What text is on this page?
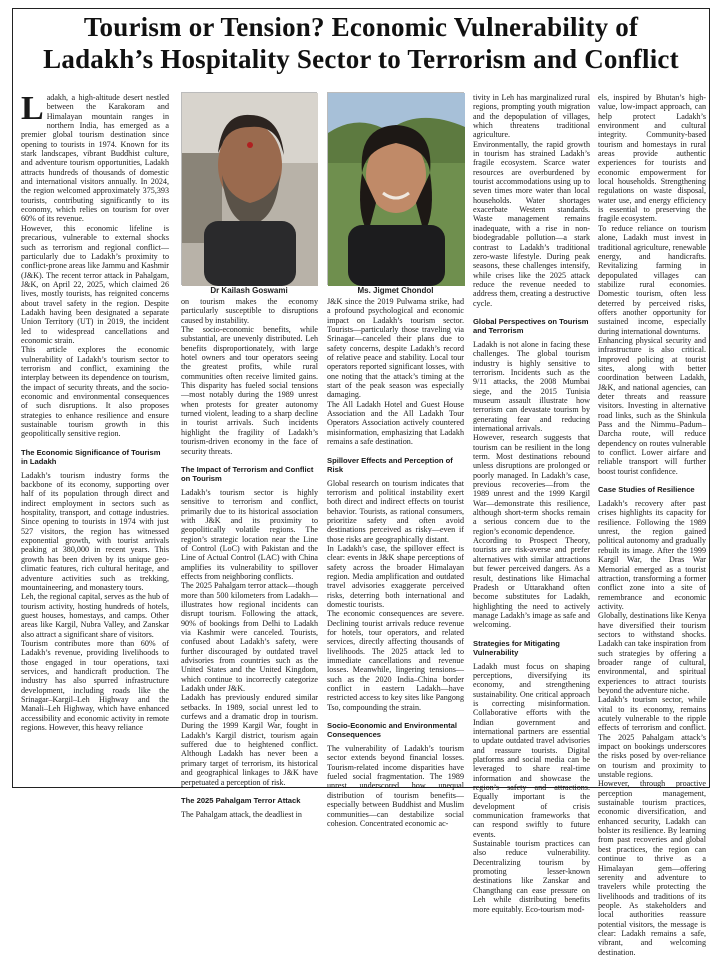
Tourism or Tension? Economic Vulnerability of
Ladakh’s Hospitality Sector to Terrorism and Conflict

Ladakh, a high-altitude desert nestled between the Karakoram and Himalayan mountain ranges in northern India, has emerged as a premier global tourism destination since opening to tourists in 1974. Known for its stark landscapes, vibrant Buddhist culture, and adventure tourism opportunities, Ladakh attracts hundreds of thousands of domestic and international visitors annually. In 2024, the region welcomed approximately 375,393 tourists, contributing significantly to its economy, which relies on tourism for over 60% of its revenue.

However, this economic lifeline is precarious, vulnerable to external shocks such as terrorism and regional conflict—particularly due to Ladakh’s proximity to conflict-prone areas like Jammu and Kashmir (J&K). The recent terror attack in Pahalgam, J&K, on April 22, 2025, which claimed 26 lives, mostly tourists, has reignited concerns about travel safety in the region. Despite Ladakh having been designated a separate Union Territory (UT) in 2019, the incident led to widespread cancellations and economic strain.

This article explores the economic vulnerability of Ladakh’s tourism sector to terrorism and conflict, examining the interplay between its dependence on tourism, the impact of security threats, and the socio-economic and environmental consequences of such disruptions. It also proposes strategies to enhance resilience and ensure sustainable tourism growth in this geopolitically sensitive region.

The Economic Significance of Tourism in Ladakh

Ladakh’s tourism industry forms the backbone of its economy, supporting over half of its population through direct and indirect employment in sectors such as hospitality, transport, and cottage industries. Since opening to tourists in 1974 with just 527 visitors, the region has witnessed exponential growth, with tourist arrivals peaking at 380,000 in recent years. This growth has been driven by its unique geo-climatic features, rich cultural heritage, and adventure activities such as trekking, mountaineering, and monastery tours.

Leh, the regional capital, serves as the hub of tourism activity, hosting hundreds of hotels, guest houses, homestays, and camps. Other areas like Kargil, Nubra Valley, and Zanskar also attract a significant share of visitors.

Tourism contributes more than 60% of Ladakh’s revenue, providing livelihoods to those engaged in tour operations, taxi services, and handicraft production. The industry has also spurred infrastructure development, including roads like the Srinagar–Kargil–Leh Highway and the Manali–Leh Highway, which have enhanced accessibility and economic activity in remote regions. However, this heavy reliance

Dr Kailash Goswami	Ms. Jigmet Chondol

on tourism makes the economy particularly susceptible to disruptions caused by instability.

The socio-economic benefits, while substantial, are unevenly distributed. Leh benefits disproportionately, with large hotel owners and tour operators seeing the greatest profits, while rural communities often receive limited gains. This disparity has fueled social tensions—most notably during the 1989 unrest when protests for greater autonomy turned violent, leading to a sharp decline in tourist arrivals. Such incidents highlight the fragility of Ladakh’s tourism-driven economy in the face of security threats.

The Impact of Terrorism and Conflict on Tourism

Ladakh’s tourism sector is highly sensitive to terrorism and conflict, primarily due to its historical association with J&K and its proximity to geopolitically volatile regions. The region’s strategic location near the Line of Control (LoC) with Pakistan and the Line of Actual Control (LAC) with China amplifies its vulnerability to spillover effects from neighboring conflicts.

The 2025 Pahalgam terror attack—though more than 500 kilometers from Ladakh—illustrates how regional incidents can disrupt tourism. Following the attack, 90% of bookings from Delhi to Ladakh via Kashmir were canceled. Tourists, confused about Ladakh’s safety, were further discouraged by outdated travel advisories from countries such as the United States and the United Kingdom, which continue to incorrectly categorize Ladakh under J&K.

Ladakh has previously endured similar setbacks. In 1989, social unrest led to curfews and a dramatic drop in tourism. During the 1999 Kargil War, fought in Ladakh’s Kargil district, tourism again suffered due to heightened conflict. Although Ladakh has never been a primary target of terrorism, its historical and geographical linkages to J&K have perpetuated a perception of risk.

The 2025 Pahalgam Terror Attack

The Pahalgam attack, the deadliest in

J&K since the 2019 Pulwama strike, had a profound psychological and economic impact on Ladakh’s tourism sector. Tourists—particularly those traveling via Srinagar—canceled their plans due to safety concerns, despite Ladakh’s record of relative peace and stability. Local tour operators reported significant losses, with one noting that the attack’s timing at the start of the peak season was especially damaging.

The All Ladakh Hotel and Guest House Association and the All Ladakh Tour Operators Association actively countered misinformation, emphasizing that Ladakh remains a safe destination.

Spillover Effects and Perception of Risk

Global research on tourism indicates that terrorism and political instability exert both direct and indirect effects on tourist behavior. Tourists, as rational consumers, prioritize safety and often avoid destinations perceived as risky—even if those risks are geographically distant.

In Ladakh’s case, the spillover effect is clear: events in J&K shape perceptions of safety across the broader Himalayan region. Media amplification and outdated travel advisories exaggerate perceived risks, deterring both international and domestic tourists.

The economic consequences are severe. Declining tourist arrivals reduce revenue for hotels, tour operators, and related services, directly affecting thousands of livelihoods. The 2025 attack led to immediate cancellations and revenue losses. Meanwhile, lingering tensions—such as the 2020 India–China border conflict in eastern Ladakh—have restricted access to key sites like Pangong Tso, compounding the strain.

Socio-Economic and Environmental Consequences

The vulnerability of Ladakh’s tourism sector extends beyond financial losses. Tourism-related income disparities have fueled social fragmentation. The 1989 unrest underscored how unequal distribution of tourism benefits—especially between Buddhist and Muslim communities—can destabilize social cohesion. Concentrated economic ac-

tivity in Leh has marginalized rural regions, prompting youth migration and the depopulation of villages, which threatens traditional agriculture.

Environmentally, the rapid growth in tourism has strained Ladakh’s fragile ecosystem. Scarce water resources are overburdened by tourist accommodations using up to seven times more water than local households. Water shortages exacerbate Western standards. Waste management remains inadequate, with a rise in non-biodegradable pollution—a stark contrast to Ladakh’s traditional zero-waste lifestyle. During peak seasons, these challenges intensify, while crises like the 2025 attack reduce the revenue needed to address them, creating a destructive cycle.

Global Perspectives on Tourism and Terrorism

Ladakh is not alone in facing these challenges. The global tourism industry is highly sensitive to terrorism. Incidents such as the 9/11 attacks, the 2008 Mumbai siege, and the 2015 Tunisia museum assault illustrate how terrorism can devastate tourism by generating fear and reducing international arrivals.

However, research suggests that tourism can be resilient in the long term. Most destinations rebound unless disruptions are prolonged or poorly managed. In Ladakh’s case, previous recoveries—from the 1989 unrest and the 1999 Kargil War—demonstrate this resilience, although short-term shocks remain a serious concern due to the region’s economic dependence.

According to Prospect Theory, tourists are risk-averse and prefer alternatives with similar attractions but fewer perceived dangers. As a result, destinations like Himachal Pradesh or Uttarakhand often become substitutes for Ladakh, highlighting the need to actively manage Ladakh’s image as safe and welcoming.

Strategies for Mitigating Vulnerability

Ladakh must focus on shaping perceptions, diversifying its economy, and strengthening sustainability. One critical approach is correcting misinformation. Collaborative efforts with the Indian government and international partners are essential to update outdated travel advisories and reassure tourists. Digital platforms and social media can be leveraged to share real-time information and showcase the region’s safety and attractions. Equally important is the development of crisis communication frameworks that can respond swiftly to future events.

Sustainable tourism practices can also reduce vulnerability. Decentralizing tourism by promoting lesser-known destinations like Zanskar and Changthang can ease pressure on Leh while distributing benefits more equitably. Eco-tourism mod-

els, inspired by Bhutan’s high-value, low-impact approach, can help protect Ladakh’s environment and cultural integrity. Community-based tourism and homestays in rural areas provide authentic experiences for tourists and economic empowerment for local households. Strengthening regulations on waste disposal, water use, and energy efficiency is essential to preserving the fragile ecosystem.

To reduce reliance on tourism alone, Ladakh must invest in traditional agriculture, renewable energy, and handicrafts. Revitalizing farming in depopulated villages can stabilize rural economies. Domestic tourism, often less deterred by perceived risks, offers another opportunity for sustained income, especially during international downturns.

Enhancing physical security and infrastructure is also critical. Improved policing at tourist sites, along with better coordination between Ladakh, J&K, and national agencies, can deter threats and reassure visitors. Investing in alternative road links, such as the Shinkula Pass and the Nimmu–Padum–Darcha route, will reduce dependency on routes vulnerable to conflict. Lower airfare and reliable transport will further boost tourist confidence.

Case Studies of Resilience

Ladakh’s recovery after past crises highlights its capacity for resilience. Following the 1989 unrest, the region gained political autonomy and gradually rebuilt its image. After the 1999 Kargil War, the Dras War Memorial emerged as a tourist attraction, transforming a former conflict zone into a site of remembrance and economic activity.

Globally, destinations like Kenya have diversified their tourism sectors to withstand shocks. Ladakh can take inspiration from such strategies by offering a broader range of cultural, environmental, and spiritual experiences to attract tourists beyond the adventure niche.

Ladakh’s tourism sector, while vital to its economy, remains acutely vulnerable to the ripple effects of terrorism and conflict. The 2025 Pahalgam attack’s impact on bookings underscores the risks posed by over-reliance on tourism and proximity to unstable regions.

However, through proactive perception management, sustainable tourism practices, economic diversification, and enhanced security, Ladakh can bolster its resilience. By learning from past recoveries and global best practices, the region can continue to thrive as a Himalayan gem—offering serenity and adventure to travelers while protecting the livelihoods and traditions of its people. As stakeholders and local authorities reassure potential visitors, the message is clear: Ladakh remains a safe, vibrant, and welcoming destination.
